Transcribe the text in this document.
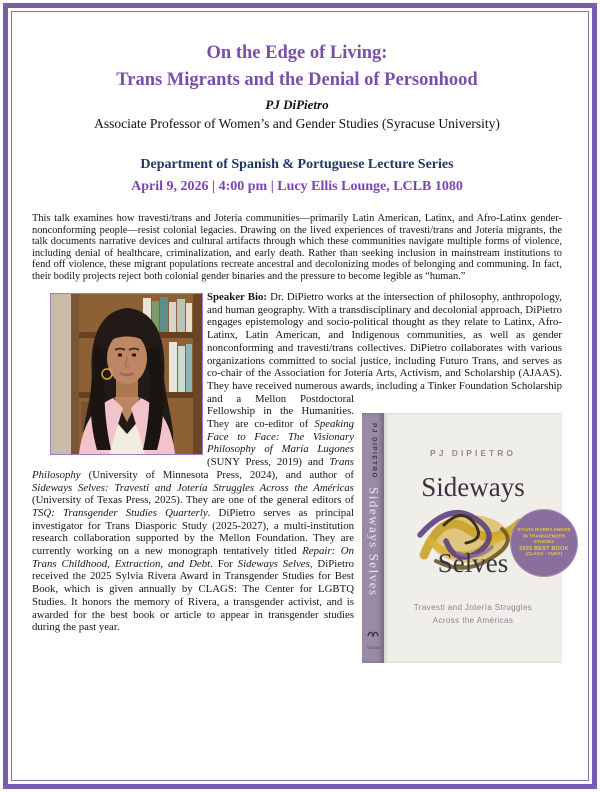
On the Edge of Living:
Trans Migrants and the Denial of Personhood
PJ DiPietro
Associate Professor of Women’s and Gender Studies (Syracuse University)
Department of Spanish & Portuguese Lecture Series
April 9, 2026 | 4:00 pm | Lucy Ellis Lounge, LCLB 1080

This talk examines how travesti/trans and Jotería communities—primarily Latin American, Latinx, and Afro-Latinx gender-nonconforming people—resist colonial legacies. Drawing on the lived experiences of travesti/trans and Jotería migrants, the talk documents narrative devices and cultural artifacts through which these communities navigate multiple forms of violence, including denial of healthcare, criminalization, and early death. Rather than seeking inclusion in mainstream institutions to fend off violence, these migrant populations recreate ancestral and decolonizing modes of belonging and communing. In fact, their bodily projects reject both colonial gender binaries and the pressure to become legible as “human.”

Speaker Bio: Dr. DiPietro works at the intersection of philosophy, anthropology, and human geography. With a transdisciplinary and decolonial approach, DiPietro engages epistemology and socio-political thought as they relate to Latinx, Afro-Latinx, Latin American, and Indigenous communities, as well as gender nonconforming and travesti/trans collectives. DiPietro collaborates with various organizations committed to social justice, including Futuro Trans, and serves as co-chair of the Association for Jotería Arts, Activism, and Scholarship (AJAAS). They have received numerous awards,
PJ DIPIETRO
Sideways Selves
TEXAS
PJ DIPIETRO
Sideways
Selves
Travesti and Jotería Struggles
Across the Américas
SYLVIA RIVERA AWARD
IN TRANSGENDER STUDIES
2025 BEST BOOK
(CLAGS - CUNY)
including a Tinker Foundation Scholarship and a Mellon Postdoctoral Fellowship in the Humanities. They are co-editor of Speaking Face to Face: The Visionary Philosophy of María Lugones (SUNY Press, 2019) and Trans Philosophy (University of Minnesota Press, 2024), and author of Sideways Selves: Travesti and Jotería Struggles Across the Américas (University of Texas Press, 2025). They are one of the general editors of TSQ: Transgender Studies Quarterly. DiPietro serves as principal investigator for Trans Diasporic Study (2025-2027), a multi-institution research collaboration supported by the Mellon Foundation. They are currently working on a new monograph tentatively titled Repair: On Trans Childhood, Extraction, and Debt. For Sideways Selves, DiPietro received the 2025 Sylvia Rivera Award in Transgender Studies for Best Book, which is given annually by CLAGS: The Center for LGBTQ Studies. It honors the memory of Rivera, a transgender activist, and is awarded for the best book or article to appear in transgender studies during the past year.
